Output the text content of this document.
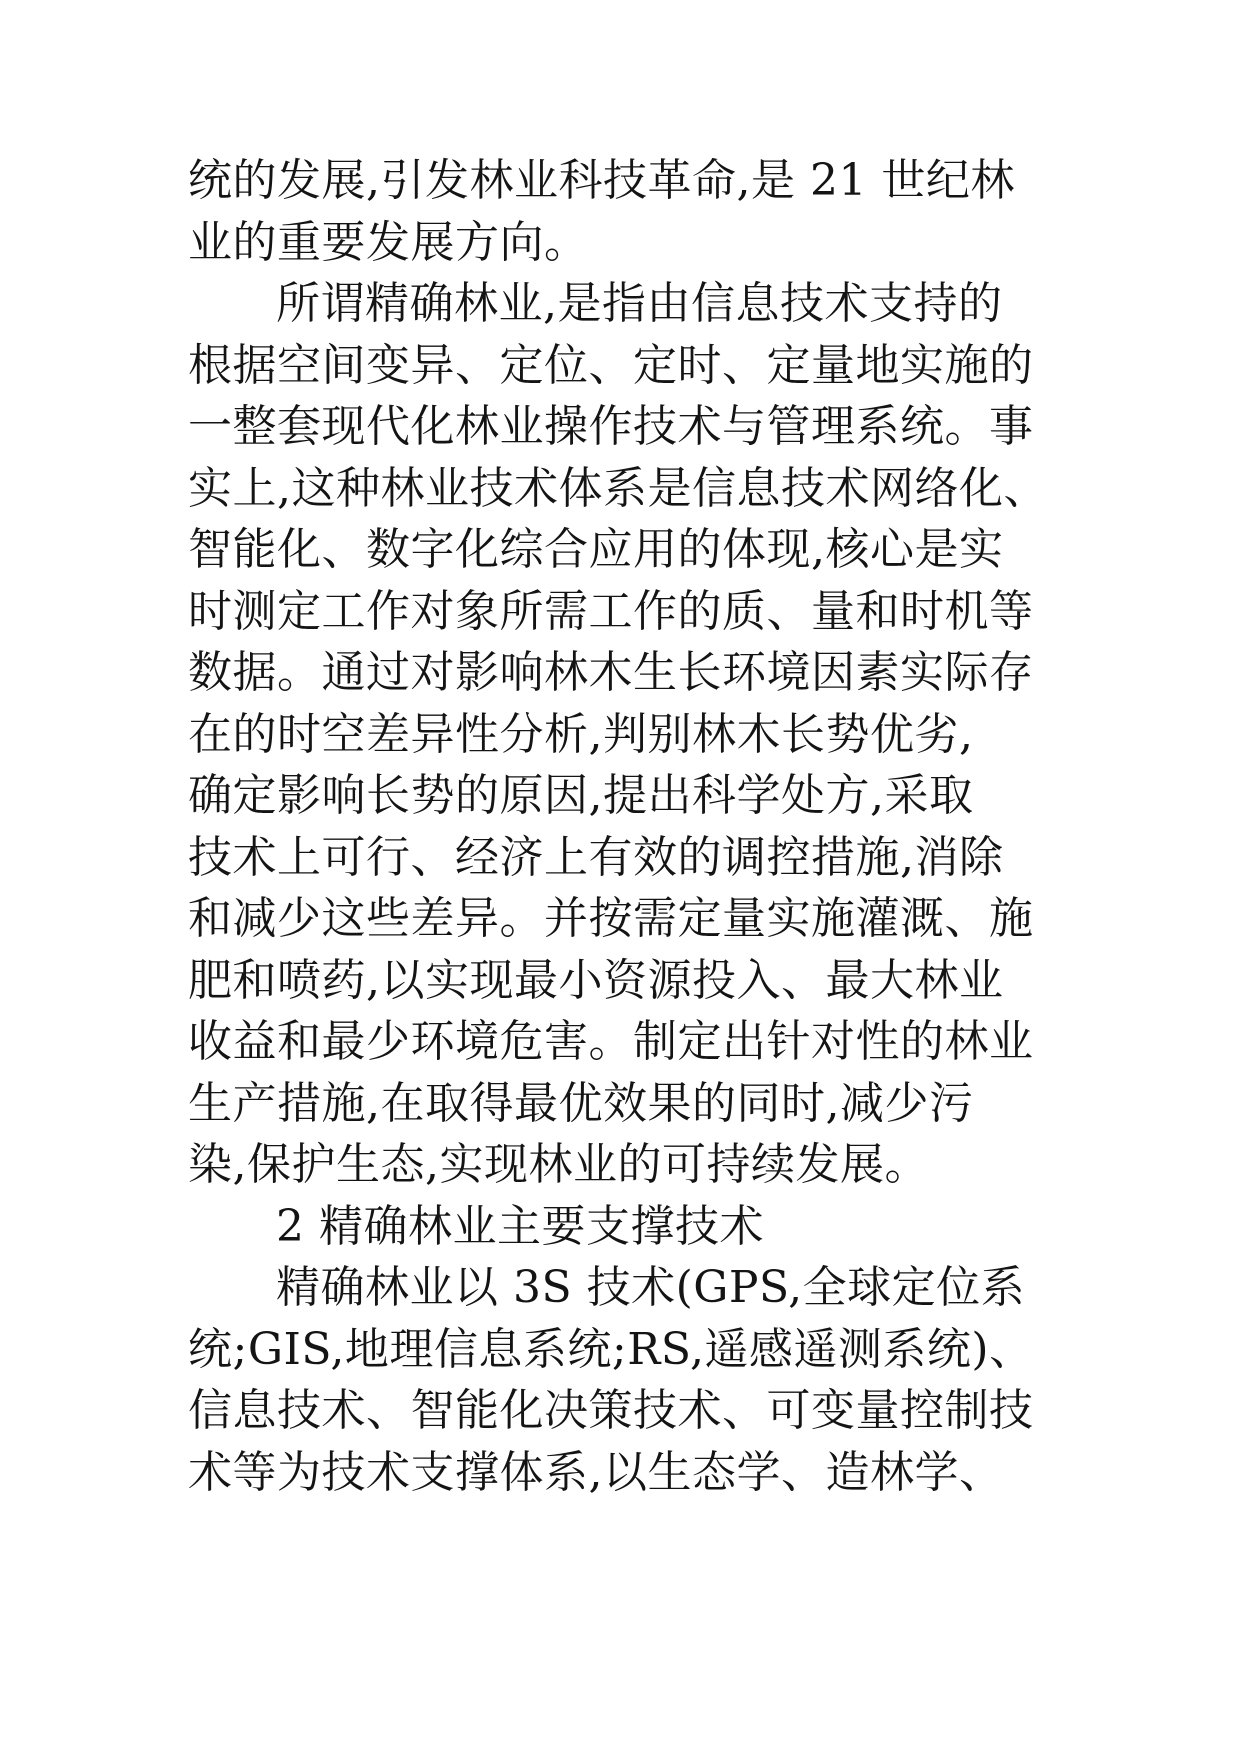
统的发展,引发林业科技革命,是 21 世纪林
业的重要发展方向。
所谓精确林业,是指由信息技术支持的
根据空间变异、定位、定时、定量地实施的
一整套现代化林业操作技术与管理系统。事
实上,这种林业技术体系是信息技术网络化、
智能化、数字化综合应用的体现,核心是实
时测定工作对象所需工作的质、量和时机等
数据。通过对影响林木生长环境因素实际存
在的时空差异性分析,判别林木长势优劣,
确定影响长势的原因,提出科学处方,采取
技术上可行、经济上有效的调控措施,消除
和减少这些差异。并按需定量实施灌溉、施
肥和喷药,以实现最小资源投入、最大林业
收益和最少环境危害。制定出针对性的林业
生产措施,在取得最优效果的同时,减少污
染,保护生态,实现林业的可持续发展。
2 精确林业主要支撑技术
精确林业以 3S 技术(GPS,全球定位系
统;GIS,地理信息系统;RS,遥感遥测系统)、
信息技术、智能化决策技术、可变量控制技
术等为技术支撑体系,以生态学、造林学、
